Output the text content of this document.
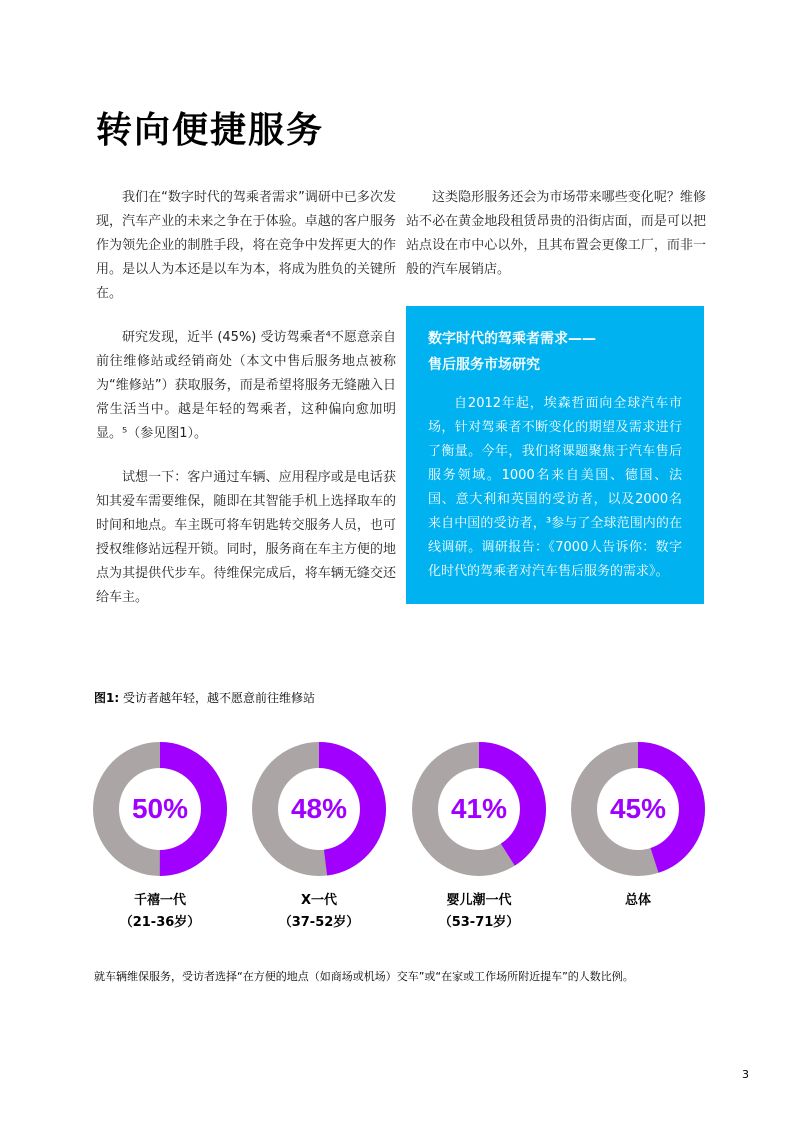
转向便捷服务

我们在“数字时代的驾乘者需求”调研中已多次发现，汽车产业的未来之争在于体验。卓越的客户服务作为领先企业的制胜手段，将在竞争中发挥更大的作用。是以人为本还是以车为本，将成为胜负的关键所在。

研究发现，近半 (45%) 受访驾乘者⁴不愿意亲自前往维修站或经销商处（本文中售后服务地点被称为“维修站”）获取服务，而是希望将服务无缝融入日常生活当中。越是年轻的驾乘者，这种偏向愈加明显。⁵（参见图1）。

试想一下：客户通过车辆、应用程序或是电话获知其爱车需要维保，随即在其智能手机上选择取车的时间和地点。车主既可将车钥匙转交服务人员，也可授权维修站远程开锁。同时，服务商在车主方便的地点为其提供代步车。待维保完成后，将车辆无缝交还给车主。

这类隐形服务还会为市场带来哪些变化呢？维修站不必在黄金地段租赁昂贵的沿街店面，而是可以把站点设在市中心以外，且其布置会更像工厂，而非一般的汽车展销店。

数字时代的驾乘者需求——
售后服务市场研究

自2012年起，埃森哲面向全球汽车市场，针对驾乘者不断变化的期望及需求进行了衡量。今年，我们将课题聚焦于汽车售后服务领域。1000名来自美国、德国、法国、意大利和英国的受访者，以及2000名来自中国的受访者，³参与了全球范围内的在线调研。调研报告：《7000人告诉你：数字化时代的驾乘者对汽车售后服务的需求》。

图1: 受访者越年轻，越不愿意前往维修站
50%
千禧一代
（21-36岁）
48%
X一代
（37-52岁）
41%
婴儿潮一代
（53-71岁）
45%
总体
就车辆维保服务，受访者选择“在方便的地点（如商场或机场）交车”或“在家或工作场所附近提车”的人数比例。
3
